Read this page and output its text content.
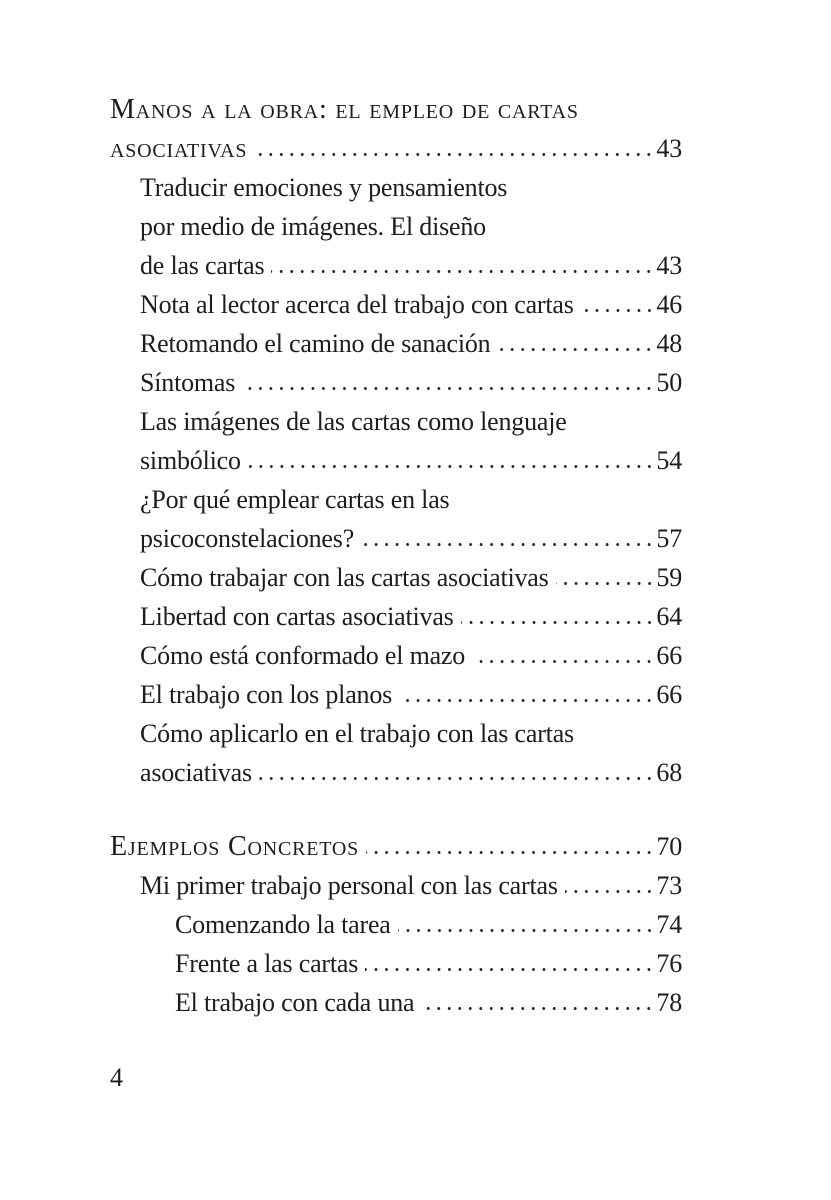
Manos a la obra: el empleo de cartas
asociativas	43
Traducir emociones y pensamientos
por medio de imágenes. El diseño
de las cartas	43
Nota al lector acerca del trabajo con cartas	46
Retomando el camino de sanación	48
Síntomas	50
Las imágenes de las cartas como lenguaje
simbólico	54
¿Por qué emplear cartas en las
psicoconstelaciones?	57
Cómo trabajar con las cartas asociativas	59
Libertad con cartas asociativas	64
Cómo está conformado el mazo	66
El trabajo con los planos	66
Cómo aplicarlo en el trabajo con las cartas
asociativas	68
Ejemplos Concretos	70
Mi primer trabajo personal con las cartas	73
Comenzando la tarea	74
Frente a las cartas	76
El trabajo con cada una	78
4
